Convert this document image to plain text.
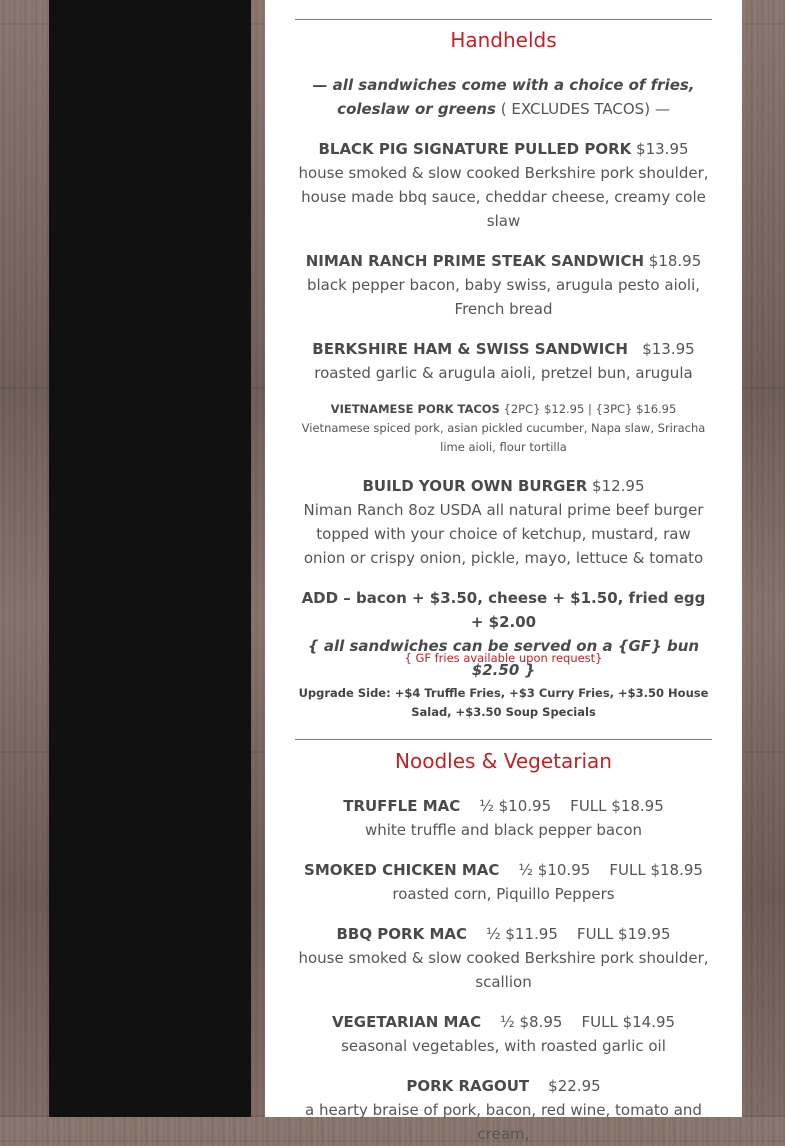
Handhelds
— all sandwiches come with a choice of fries, coleslaw or greens ( EXCLUDES TACOS) —
BLACK PIG SIGNATURE PULLED PORK $13.95
house smoked & slow cooked Berkshire pork shoulder, house made bbq sauce, cheddar cheese, creamy cole slaw
NIMAN RANCH PRIME STEAK SANDWICH $18.95
black pepper bacon, baby swiss, arugula pesto aioli, French bread
BERKSHIRE HAM & SWISS SANDWICH   $13.95
roasted garlic & arugula aioli, pretzel bun, arugula
VIETNAMESE PORK TACOS {2PC} $12.95 | {3PC} $16.95
Vietnamese spiced pork, asian pickled cucumber, Napa slaw, Sriracha lime aioli, flour tortilla
BUILD YOUR OWN BURGER $12.95
Niman Ranch 8oz USDA all natural prime beef burger topped with your choice of ketchup, mustard, raw onion or crispy onion, pickle, mayo, lettuce & tomato
ADD – bacon + $3.50, cheese + $1.50, fried egg + $2.00
{ all sandwiches can be served on a {GF} bun $2.50 }
{ GF fries available upon request}
Upgrade Side: +$4 Truffle Fries, +$3 Curry Fries, +$3.50 House Salad, +$3.50 Soup Specials
Noodles & Vegetarian
TRUFFLE MAC    ½ $10.95    FULL $18.95
white truffle and black pepper bacon
SMOKED CHICKEN MAC    ½ $10.95    FULL $18.95
roasted corn, Piquillo Peppers
BBQ PORK MAC    ½ $11.95    FULL $19.95
house smoked & slow cooked Berkshire pork shoulder, scallion
VEGETARIAN MAC    ½ $8.95    FULL $14.95
seasonal vegetables, with roasted garlic oil
PORK RAGOUT    $22.95
a hearty braise of pork, bacon, red wine, tomato and cream,
